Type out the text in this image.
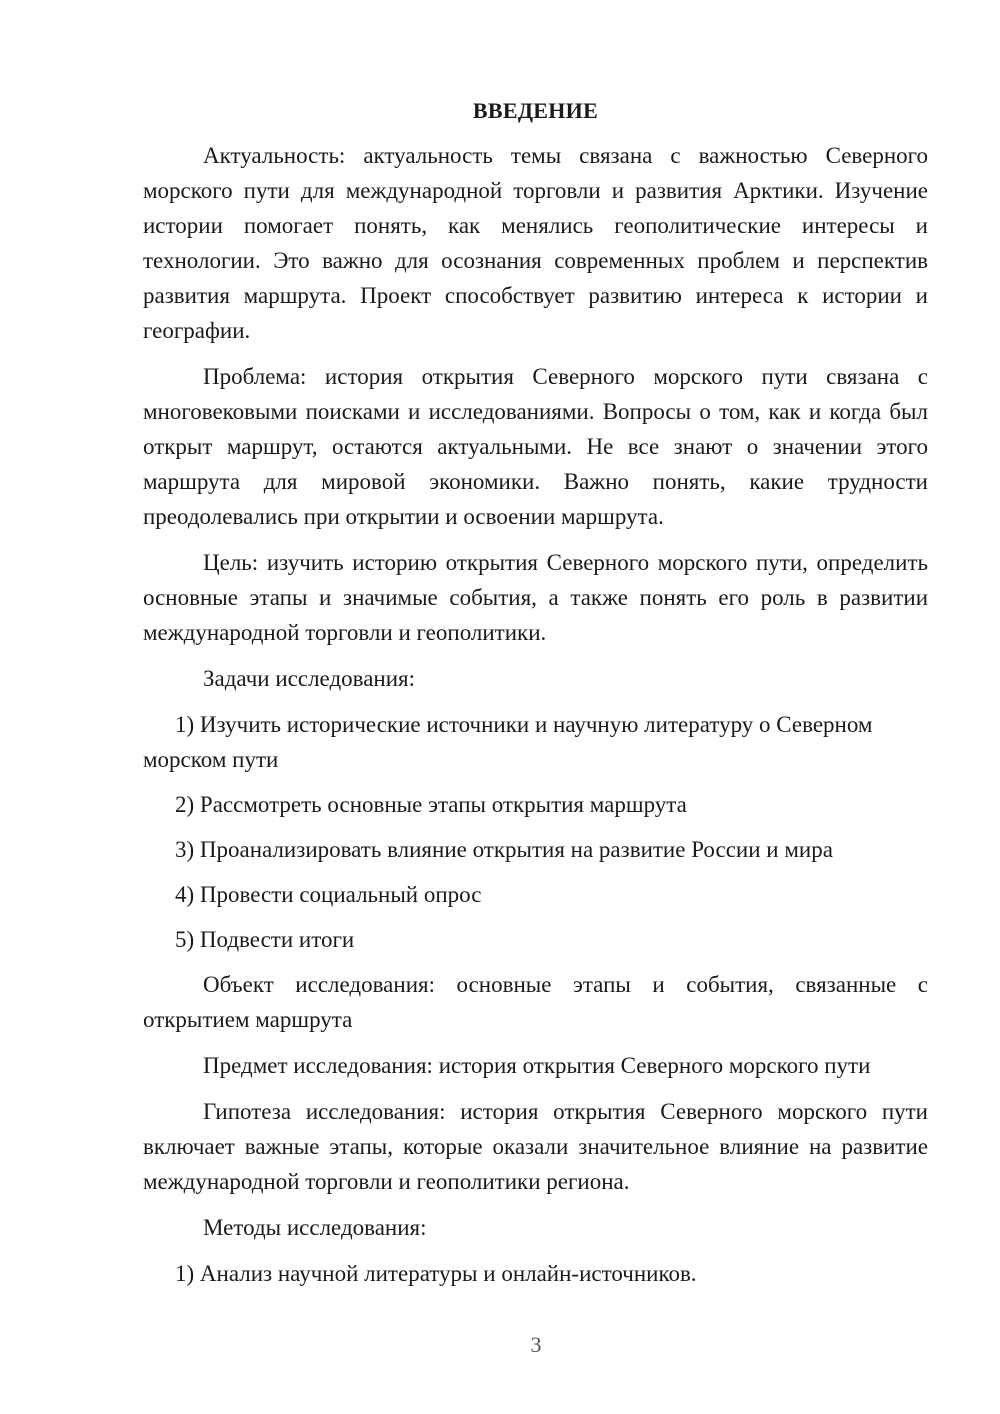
ВВЕДЕНИЕ
Актуальность: актуальность темы связана с важностью Северного морского пути для международной торговли и развития Арктики. Изучение истории помогает понять, как менялись геополитические интересы и технологии. Это важно для осознания современных проблем и перспектив развития маршрута. Проект способствует развитию интереса к истории и географии.
Проблема: история открытия Северного морского пути связана с многовековыми поисками и исследованиями. Вопросы о том, как и когда был открыт маршрут, остаются актуальными. Не все знают о значении этого маршрута для мировой экономики. Важно понять, какие трудности преодолевались при открытии и освоении маршрута.
Цель: изучить историю открытия Северного морского пути, определить основные этапы и значимые события, а также понять его роль в развитии международной торговли и геополитики.
Задачи исследования:
1) Изучить исторические источники и научную литературу о Северном морском пути
2) Рассмотреть основные этапы открытия маршрута
3) Проанализировать влияние открытия на развитие России и мира
4) Провести социальный опрос
5) Подвести итоги
Объект исследования: основные этапы и события, связанные с открытием маршрута
Предмет исследования: история открытия Северного морского пути
Гипотеза исследования: история открытия Северного морского пути включает важные этапы, которые оказали значительное влияние на развитие международной торговли и геополитики региона.
Методы исследования:
1) Анализ научной литературы и онлайн-источников.
3
